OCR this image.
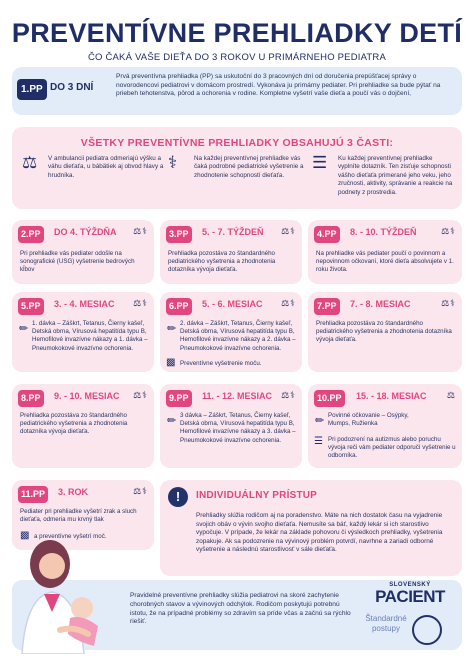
PREVENTÍVNE PREHLIADKY DETÍ
ČO ČAKÁ VAŠE DIEŤA DO 3 ROKOV U PRIMÁRNEHO PEDIATRA
1.PP DO 3 DNÍ
Prvá preventívna prehliadka (PP) sa uskutoční do 3 pracovných dní od doručenia prepúšťacej správy o novorodencovi pediatrovi v domácom prostredí. Vykonáva ju primárny pediater. Pri prehliadke sa bude pýtať na priebeh tehotenstva, pôrod a ochorenia v rodine. Kompletne vyšetrí vaše dieťa a poučí vás o dojčení,
VŠETKY PREVENTÍVNE PREHLIADKY OBSAHUJÚ 3 ČASTI:
⚖ V ambulancii pediatra odmeriajú výšku a váhu dieťaťa, u bábätiek aj obvod hlavy a hrudníka.
⚕	Na každej preventívnej prehliadke vás čaká podrobné pediatrické vyšetrenie a zhodnotenie schopností dieťaťa.
☰ Ku každej preventívnej prehliadke vyplníte dotazník. Ten zisťuje schopnosti vášho dieťaťa primerané jeho veku, jeho zručnosti, aktivity, správanie a reakcie na podnety z prostredia.
2.PP	DO 4. TÝŽDŇA ⚖⚕
Pri prehliadke vás pediater odošle na sonografické (USG) vyšetrenie bedrových kĺbov
3.PP	5. - 7. TÝŽDEŇ ⚖⚕
Prehliadka pozostáva zo štandardného pediatrického vyšetrenia a zhodnotenia dotazníka vývoja dieťaťa.
4.PP	8. - 10. TÝŽDEŇ	⚖⚕
Na prehliadke vás pediater poučí o povinnom a nepovinnom očkovaní, ktoré dieťa absolvujete v 1. roku života.
5.PP	3. - 4. MESIAC ⚖⚕
✏ 1. dávka – Záškrt, Tetanus, Čierny kašeľ, Detská obrna, Vírusová hepatitída typu B, Hemofilové invazívne nákazy a 1. dávka – Pneumokokové invazívne ochorenia.
6.PP	5. - 6. MESIAC ⚖⚕
✏ 2. dávka – Záškrt, Tetanus, Čierny kašeľ, Detská obrna, Vírusová hepatitída typu B, Hemofilové invazívne nákazy a 2. dávka – Pneumokokové invazívne ochorenia.
▩ Preventívne vyšetrenie moču.
7.PP	7. - 8. MESIAC	⚖⚕
Prehliadka pozostáva zo štandardného pediatrického vyšetrenia a zhodnotenia dotazníka vývoja dieťaťa.
8.PP	9. - 10. MESIAC ⚖⚕
Prehliadka pozostáva zo štandardného pediatrického vyšetrenia a zhodnotenia dotazníka vývoja dieťaťa.
9.PP	11. - 12. MESIAC ⚖⚕
✏ 3 dávka – Záškrt, Tetanus, Čierny kašeľ, Detská obrna, Vírusová hepatitída typu B, Hemofilové invazívne nákazy a 3. dávka – Pneumokokové invazívne ochorenia.
10.PP	15. - 18. MESIAC ⚖
✏ Povinné očkovanie – Osýpky, Mumps, Ružienka
☰ Pri podozrení na autizmus alebo poruchu vývoja reči vám pediater odporučí vyšetrenie u odborníka.
11.PP	3. ROK	⚖⚕
Pediater pri prehliadke vyšetrí zrak a sluch dieťaťa, odmeria mu krvný tlak
▩ a preventívne vyšetrí moč.
!	INDIVIDUÁLNY PRÍSTUP
Prehliadky slúžia rodičom aj na poradenstvo. Máte na nich dostatok času na vyjadrenie svojich obáv o vývin svojho dieťaťa. Nemusíte sa báť, každý lekár si ich starostlivo vypočuje. V prípade, že lekár na základe pohovoru či výsledkoch prehliadky, vyšetrenia zopakuje. Ak sa podozrenie na vývinový problém potvrdí, navrhne a zariadi odborné vyšetrenie a následnú starostlivosť v sále dieťaťa.
Pravidelné preventívne prehliadky slúžia pediatrovi na skoré zachytenie chorobných stavov a vývinových odchýlok. Rodičom poskytujú potrebnú istotu, že na prípadné problémy so zdravím sa príde včas a začnú sa rýchlo riešiť.
SLOVENSKÝ
PACIENT
Štandardné postupy
